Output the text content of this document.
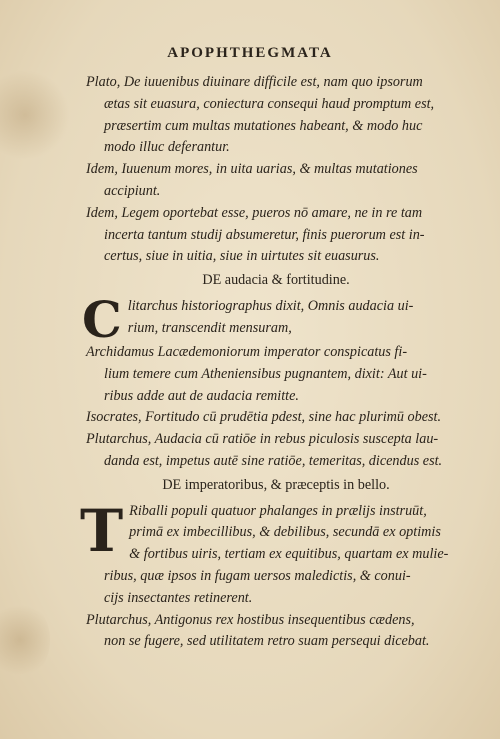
APOPHTHEGMATA
Plato, De iuuenibus diuinare difficile est, nam quo ipsorum
ætas sit euasura, coniectura consequi haud promptum est,
præsertim cum multas mutationes habeant, & modo huc
modo illuc deferantur.
Idem, Iuuenum mores, in uita uarias, & multas mutationes
accipiunt.
Idem, Legem oportebat esse, pueros nō amare, ne in re tam
incerta tantum studij absumeretur, finis puerorum est in-
certus, siue in uitia, siue in uirtutes sit euasurus.
DE audacia & fortitudine.
C litarchus historiographus dixit, Omnis audacia ui-
rium, transcendit mensuram,
Archidamus Lacædemoniorum imperator conspicatus fi-
lium temere cum Atheniensibus pugnantem, dixit: Aut ui-
ribus adde aut de audacia remitte.
Isocrates, Fortitudo cū prudētia pdest, sine hac plurimū obest.
Plutarchus, Audacia cū ratiōe in rebus piculosis suscepta lau-
danda est, impetus autē sine ratiōe, temeritas, dicendus est.
DE imperatoribus, & præceptis in bello.
T Riballi populi quatuor phalanges in prælijs instruūt,
primā ex imbecillibus, & debilibus, secundā ex optimis
& fortibus uiris, tertiam ex equitibus, quartam ex mulie-
ribus, quæ ipsos in fugam uersos maledictis, & conui-
cijs insectantes retinerent.
Plutarchus, Antigonus rex hostibus insequentibus cædens,
non se fugere, sed utilitatem retro suam persequi dicebat.
